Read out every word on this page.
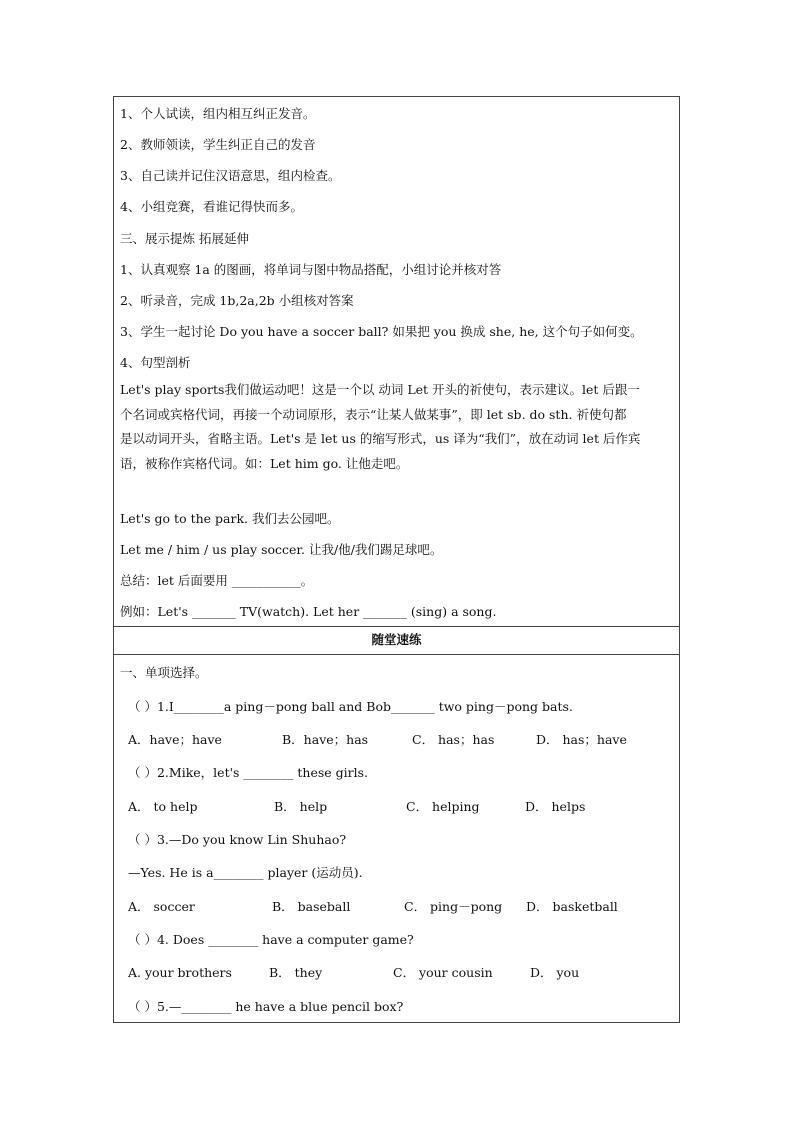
1、个人试读，组内相互纠正发音。
2、教师领读，学生纠正自己的发音
3、自己读并记住汉语意思，组内检查。
4、小组竞赛，看谁记得快而多。
三、展示提炼 拓展延伸
1、认真观察 1a 的图画，将单词与图中物品搭配，小组讨论并核对答
2、听录音，完成 1b,2a,2b 小组核对答案
3、学生一起讨论 Do you have a soccer ball? 如果把 you 换成 she, he, 这个句子如何变。
4、句型剖析
Let's play sports我们做运动吧！这是一个以 动词 Let 开头的祈使句，表示建议。let 后跟一
个名词或宾格代词，再接一个动词原形，表示“让某人做某事”，即 let sb. do sth. 祈使句都
是以动词开头，省略主语。Let's 是 let us 的缩写形式，us 译为“我们”，放在动词 let 后作宾
语，被称作宾格代词。如：Let him go. 让他走吧。
Let's go to the park. 我们去公园吧。
Let me / him / us play soccer. 让我/他/我们踢足球吧。
总结：let 后面要用 ___________。
例如：Let's _______ TV(watch). Let her _______ (sing) a song.
随堂速练
一、单项选择。
（ ）1.I________a ping－pong ball and Bob_______ two ping－pong bats.
A．have；have	B．have；has	C． has；has	D． has；have
（ ）2.Mike，let's ________ these girls.
A． to help	B． help	C． helping	D． helps
（ ）3.—Do you know Lin Shuhao?
—Yes. He is a________ player (运动员).
A． soccer	B． baseball	C． ping－pong D． basketball
（ ）4. Does ________ have a computer game?
A. your brothers	B． they	C． your cousin	D． you
（ ）5.—________ he have a blue pencil box?
